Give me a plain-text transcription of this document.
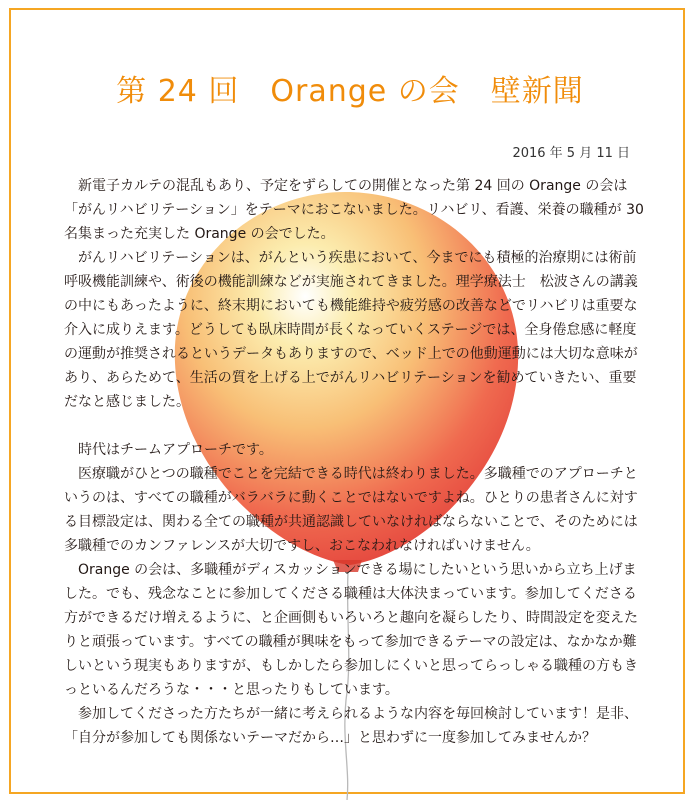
第 24 回　Orange の会　壁新聞
2016 年 5 月 11 日

新電子カルテの混乱もあり、予定をずらしての開催となった第 24 回の Orange の会は「がんリハビリテーション」をテーマにおこないました。リハビリ、看護、栄養の職種が 30 名集まった充実した Orange の会でした。

がんリハビリテーションは、がんという疾患において、今までにも積極的治療期には術前呼吸機能訓練や、術後の機能訓練などが実施されてきました。理学療法士　松波さんの講義の中にもあったように、終末期においても機能維持や疲労感の改善などでリハビリは重要な介入に成りえます。どうしても臥床時間が長くなっていくステージでは、全身倦怠感に軽度の運動が推奨されるというデータもありますので、ベッド上での他動運動には大切な意味があり、あらためて、生活の質を上げる上でがんリハビリテーションを勧めていきたい、重要だなと感じました。

時代はチームアプローチです。

医療職がひとつの職種でことを完結できる時代は終わりました。多職種でのアプローチというのは、すべての職種がバラバラに動くことではないですよね。ひとりの患者さんに対する目標設定は、関わる全ての職種が共通認識していなければならないことで、そのためには多職種でのカンファレンスが大切ですし、おこなわれなければいけません。

Orange の会は、多職種がディスカッションできる場にしたいという思いから立ち上げました。でも、残念なことに参加してくださる職種は大体決まっています。参加してくださる方ができるだけ増えるように、と企画側もいろいろと趣向を凝らしたり、時間設定を変えたりと頑張っています。すべての職種が興味をもって参加できるテーマの設定は、なかなか難しいという現実もありますが、もしかしたら参加しにくいと思ってらっしゃる職種の方もきっといるんだろうな・・・と思ったりもしています。

参加してくださった方たちが一緒に考えられるような内容を毎回検討しています！是非、「自分が参加しても関係ないテーマだから…」と思わずに一度参加してみませんか？
